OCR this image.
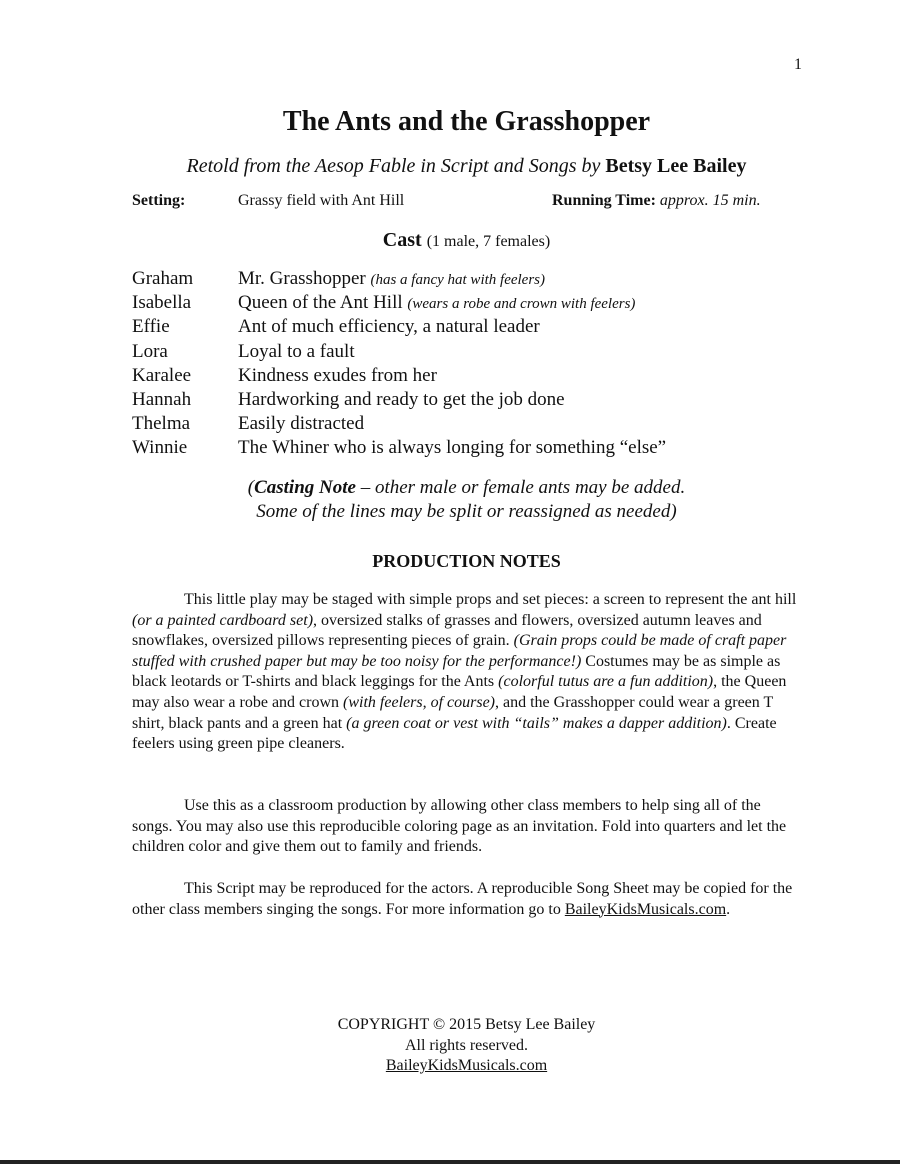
1
The Ants and the Grasshopper
Retold from the Aesop Fable in Script and Songs by Betsy Lee Bailey
Setting:	Grassy field with Ant Hill	Running Time: approx. 15 min.
Cast (1 male, 7 females)
Graham Mr. Grasshopper (has a fancy hat with feelers)
Isabella Queen of the Ant Hill (wears a robe and crown with feelers)
Effie	Ant of much efficiency, a natural leader
Lora	Loyal to a fault
Karalee Kindness exudes from her
Hannah Hardworking and ready to get the job done
Thelma	Easily distracted
Winnie	The Whiner who is always longing for something “else”
(Casting Note – other male or female ants may be added.
Some of the lines may be split or reassigned as needed)
PRODUCTION NOTES
This little play may be staged with simple props and set pieces: a screen to represent the ant hill (or a painted cardboard set), oversized stalks of grasses and flowers, oversized autumn leaves and snowflakes, oversized pillows representing pieces of grain. (Grain props could be made of craft paper stuffed with crushed paper but may be too noisy for the performance!) Costumes may be as simple as black leotards or T-shirts and black leggings for the Ants (colorful tutus are a fun addition), the Queen may also wear a robe and crown (with feelers, of course), and the Grasshopper could wear a green T shirt, black pants and a green hat (a green coat or vest with “tails” makes a dapper addition). Create feelers using green pipe cleaners.
Use this as a classroom production by allowing other class members to help sing all of the songs. You may also use this reproducible coloring page as an invitation. Fold into quarters and let the children color and give them out to family and friends.
This Script may be reproduced for the actors. A reproducible Song Sheet may be copied for the other class members singing the songs. For more information go to BaileyKidsMusicals.com.
COPYRIGHT © 2015 Betsy Lee Bailey
All rights reserved.
BaileyKidsMusicals.com
